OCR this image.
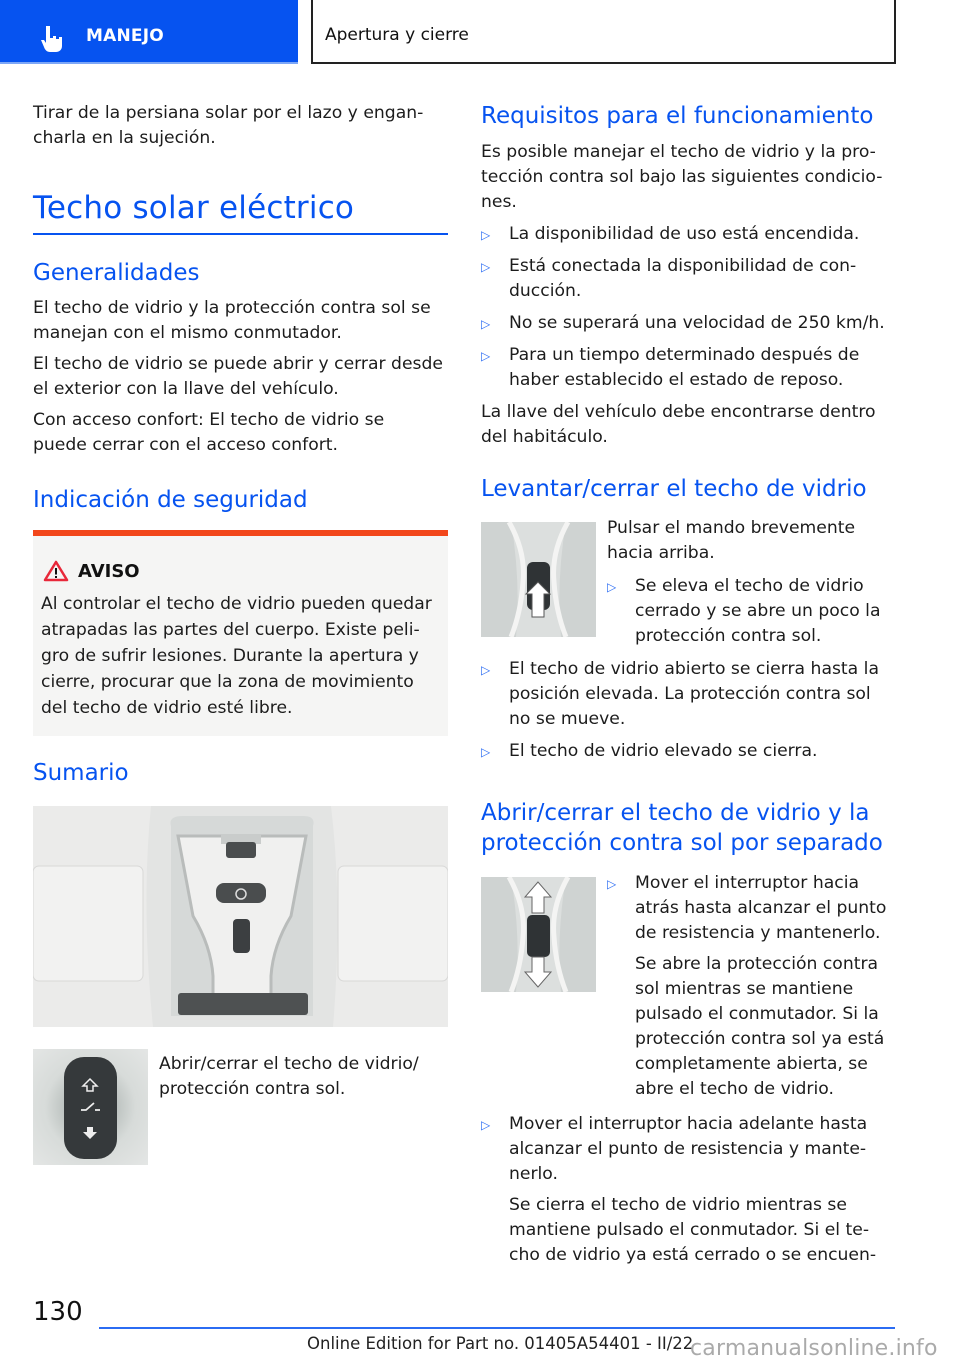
MANEJO	Apertura y cierre
Tirar de la persiana solar por el lazo y engan-
charla en la sujeción.
Techo solar eléctrico
Generalidades
El techo de vidrio y la protección contra sol se
manejan con el mismo conmutador.
El techo de vidrio se puede abrir y cerrar desde
el exterior con la llave del vehículo.
Con acceso confort: El techo de vidrio se
puede cerrar con el acceso confort.
Indicación de seguridad
AVISO
Al controlar el techo de vidrio pueden quedar
atrapadas las partes del cuerpo. Existe peli-
gro de sufrir lesiones. Durante la apertura y
cierre, procurar que la zona de movimiento
del techo de vidrio esté libre.
Sumario
Abrir/cerrar el techo de vidrio/
protección contra sol.
Requisitos para el funcionamiento
Es posible manejar el techo de vidrio y la pro-
tección contra sol bajo las siguientes condicio-
nes.
▷	La disponibilidad de uso está encendida.
▷	Está conectada la disponibilidad de con-
ducción.
▷	No se superará una velocidad de 250 km/h.
▷	Para un tiempo determinado después de
haber establecido el estado de reposo.
La llave del vehículo debe encontrarse dentro
del habitáculo.
Levantar/cerrar el techo de vidrio
Pulsar el mando brevemente
hacia arriba.
▷	Se eleva el techo de vidrio
cerrado y se abre un poco la
protección contra sol.
▷	El techo de vidrio abierto se cierra hasta la
posición elevada. La protección contra sol
no se mueve.
▷	El techo de vidrio elevado se cierra.
Abrir/cerrar el techo de vidrio y la
protección contra sol por separado
▷	Mover el interruptor hacia
atrás hasta alcanzar el punto
de resistencia y mantenerlo.
Se abre la protección contra
sol mientras se mantiene
pulsado el conmutador. Si la
protección contra sol ya está
completamente abierta, se
abre el techo de vidrio.
▷	Mover el interruptor hacia adelante hasta
alcanzar el punto de resistencia y mante-
nerlo.
Se cierra el techo de vidrio mientras se
mantiene pulsado el conmutador. Si el te-
cho de vidrio ya está cerrado o se encuen-
130
Online Edition for Part no. 01405A54401 - II/22
carmanualsonline.info
